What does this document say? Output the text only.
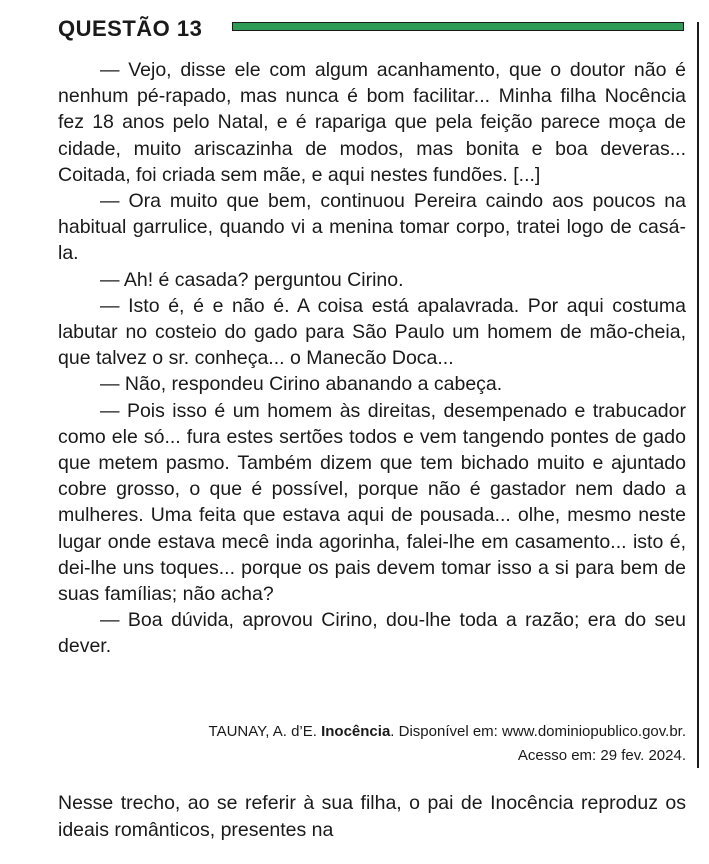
QUESTÃO 13

— Vejo, disse ele com algum acanhamento, que o doutor não é nenhum pé-rapado, mas nunca é bom facilitar... Minha filha Nocência fez 18 anos pelo Natal, e é rapariga que pela feição parece moça de cidade, muito ariscazinha de modos, mas bonita e boa deveras... Coitada, foi criada sem mãe, e aqui nestes fundões. [...]

— Ora muito que bem, continuou Pereira caindo aos poucos na habitual garrulice, quando vi a menina tomar corpo, tratei logo de casá-la.

— Ah! é casada? perguntou Cirino.

— Isto é, é e não é. A coisa está apalavrada. Por aqui costuma labutar no costeio do gado para São Paulo um homem de mão-cheia, que talvez o sr. conheça... o Manecão Doca...

— Não, respondeu Cirino abanando a cabeça.

— Pois isso é um homem às direitas, desempenado e trabucador como ele só... fura estes sertões todos e vem tangendo pontes de gado que metem pasmo. Também dizem que tem bichado muito e ajuntado cobre grosso, o que é possível, porque não é gastador nem dado a mulheres. Uma feita que estava aqui de pousada... olhe, mesmo neste lugar onde estava mecê inda agorinha, falei-lhe em casamento... isto é, dei-lhe uns toques... porque os pais devem tomar isso a si para bem de suas famílias; não acha?

— Boa dúvida, aprovou Cirino, dou-lhe toda a razão; era do seu dever.

TAUNAY, A. d’E. Inocência. Disponível em: www.dominiopublico.gov.br.
Acesso em: 29 fev. 2024.

Nesse trecho, ao se referir à sua filha, o pai de Inocência reproduz os ideais românticos, presentes na
